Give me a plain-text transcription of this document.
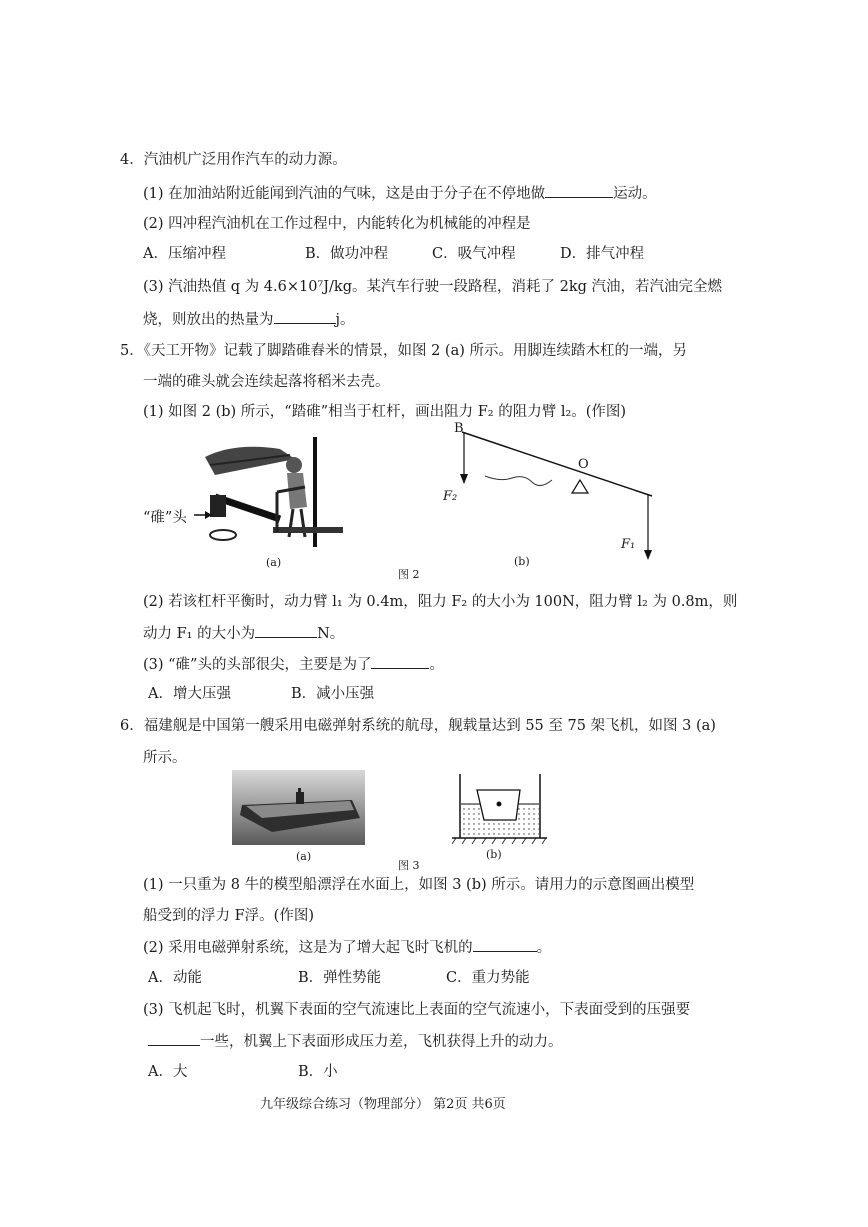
4．汽油机广泛用作汽车的动力源。
(1) 在加油站附近能闻到汽油的气味，这是由于分子在不停地做	运动。
(2) 四冲程汽油机在工作过程中，内能转化为机械能的冲程是
A．压缩冲程	B．做功冲程	C．吸气冲程	D．排气冲程
(3) 汽油热值 q 为 4.6×10⁷J/kg。某汽车行驶一段路程，消耗了 2kg 汽油，若汽油完全燃
烧，则放出的热量为	j。
5．《天工开物》记载了脚踏碓舂米的情景，如图 2 (a) 所示。用脚连续踏木杠的一端，另
一端的碓头就会连续起落将稻米去壳。
(1) 如图 2 (b) 所示，“踏碓”相当于杠杆，画出阻力 F₂ 的阻力臂 l₂。(作图)
“碓”头
(a)
B
O
F₂
F₁
(b)
图 2
(2) 若该杠杆平衡时，动力臂 l₁ 为 0.4m，阻力 F₂ 的大小为 100N，阻力臂 l₂ 为 0.8m，则
动力 F₁ 的大小为	N。
(3) “碓”头的头部很尖，主要是为了	。
A．增大压强	B．减小压强
6．福建舰是中国第一艘采用电磁弹射系统的航母，舰载量达到 55 至 75 架飞机，如图 3 (a)
所示。
(a)	(b)
图 3
(1) 一只重为 8 牛的模型船漂浮在水面上，如图 3 (b) 所示。请用力的示意图画出模型
船受到的浮力 F浮。(作图)
(2) 采用电磁弹射系统，这是为了增大起飞时飞机的	。
A．动能	B．弹性势能	C．重力势能
(3) 飞机起飞时，机翼下表面的空气流速比上表面的空气流速小，下表面受到的压强要
一些，机翼上下表面形成压力差，飞机获得上升的动力。
A．大	B．小
九年级综合练习（物理部分） 第2页 共6页
